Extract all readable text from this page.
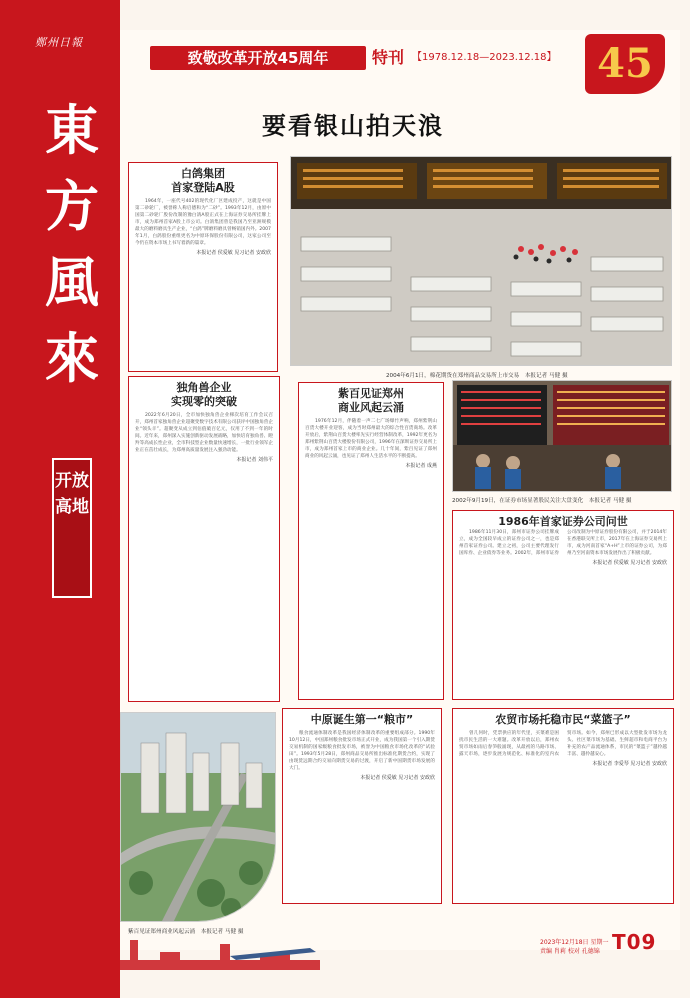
鄭州日報
東方風來
开放高地
致敬改革开放45周年	特刊 【1978.12.18—2023.12.18】	45
要看银山拍天浪
白鸽集团
首家登陆A股

1964年，一座代号402的现代化厂区建成投产，这就是中国第二砂轮厂，被誉称人称启德和为“二砂”。1993年12月，由原中国第二砂轮厂股份改制的豫白鸽A股正式在上海证券交易所挂牌上市，成为郑州首家A股上市公司。白鸽集团曾是我国乃至亚洲规模最大的磨料磨具生产企业，“白鸽”牌磨料磨具曾畅销国内外。2007年1月，白鸽股份重组更名为中原环保股份有限公司，这家公司至今仍在资本市场上书写着新的篇章。

本报记者 侯爱敏 见习记者 安政欣
2004年6月1日，棉花期货在郑州商品交易所上市交易　本报记者 马健 摄
2002年9月19日，在证券市场显著股民关注大盘变化　本报记者 马健 摄
独角兽企业
实现零的突破

2022年6月20日，全市加快独角兽企业梯次培育工作会议召开，郑州首家独角兽企业超聚变数字技术有限公司获评中国独角兽企业“领头羊”。超聚变从成立到估值破百亿元，仅用了不到一年的时间。近年来，郑州深入实施创新驱动发展战略，加快培育独角兽、瞪羚等高成长性企业，全市科技型企业数量快速增长，一批行业领军企业正在茁壮成长，为郑州高质量发展注入强劲动能。

本报记者 刘伟平
紫百见证郑州
商业风起云涌

1976年12月，伴随着一声二七广场爆竹声响，郑州紫荆山百货大楼开业迎客，成为当时郑州最大的综合性百货商场。改革开放后，紫荆山百货大楼率先实行经营体制改革，1992年更名为郑州紫荆山百货大楼股份有限公司，1996年在深圳证券交易所上市，成为郑州首家上市的商业企业。几十年间，紫百见证了郑州商业的风起云涌，也见证了郑州人生活水平的不断提高。

本报记者 成燕
1986年首家证券公司问世

1986年11月30日，郑州市证券公司挂牌成立，成为全国较早成立的证券公司之一，也是郑州首家证券公司。建立之初，公司主要代理发行国库券、企业债券等业务。2002年，郑州市证券公司改制为中原证券股份有限公司，并于2014年在香港联交所上市，2017年在上海证券交易所上市，成为河南首家“A+H”上市的证券公司，为郑州乃至河南资本市场发展作出了积极贡献。

本报记者 侯爱敏 见习记者 安政欣
中原诞生第一“粮市”

粮食流通体制改革是我国经济体制改革的重要组成部分。1990年10月12日，中国郑州粮食批发市场正式开业，成为我国第一个引入期货交易机制的国家级粮食批发市场，被誉为中国粮食市场化改革的“试验田”。1993年5月28日，郑州商品交易所推出标准化期货合约，实现了由现货远期合约交易向期货交易的过渡，开启了新中国期货市场发展的大门。

本报记者 侯爱敏 见习记者 安政欣
农贸市场托稳市民“菜篮子”

曾几何时，凭票供应的年代里，买菜难是困扰市民生活的一大难题。改革开放以后，郑州农贸市场如雨后春笋般涌现，从最初的马路市场、露天市场，逐步发展为规范化、标准化的室内农贸市场。如今，郑州已形成以大型批发市场为龙头、社区菜市场为基础、生鲜超市和电商平台为补充的农产品流通体系，市民的“菜篮子”越拎越丰富、越拎越安心。

本报记者 李爱琴 见习记者 安政欣
紫百见证郑州商业风起云涌　本报记者 马健 摄
2023年12月18日 星期一
责编 肖莉 校对 孔德锦 T09
